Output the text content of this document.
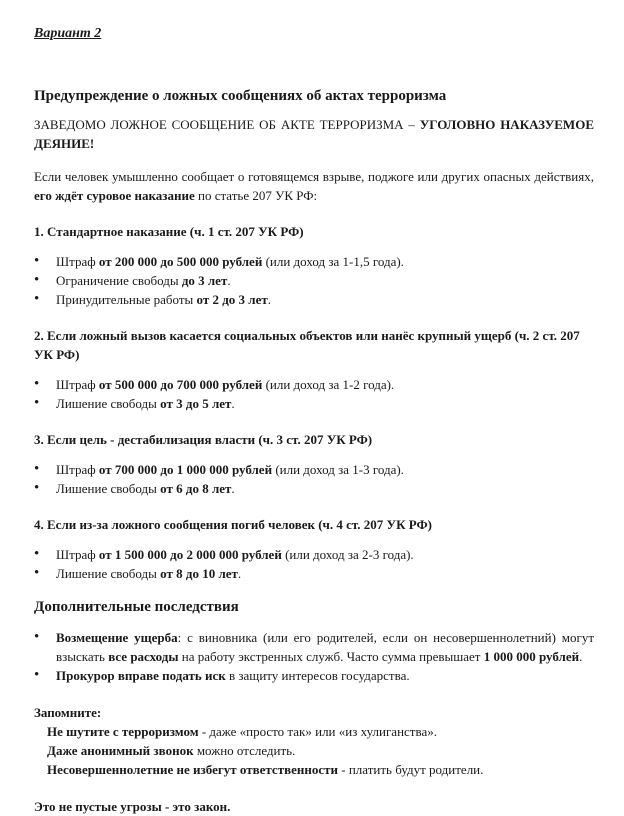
Вариант 2

Предупреждение о ложных сообщениях об актах терроризма

ЗАВЕДОМО ЛОЖНОЕ СООБЩЕНИЕ ОБ АКТЕ ТЕРРОРИЗМА – УГОЛОВНО НАКАЗУЕМОЕ ДЕЯНИЕ!

Если человек умышленно сообщает о готовящемся взрыве, поджоге или других опасных действиях, его ждёт суровое наказание по статье 207 УК РФ:

1. Стандартное наказание (ч. 1 ст. 207 УК РФ)

• Штраф от 200 000 до 500 000 рублей (или доход за 1-1,5 года).
• Ограничение свободы до 3 лет.
• Принудительные работы от 2 до 3 лет.

2. Если ложный вызов касается социальных объектов или нанёс крупный ущерб (ч. 2 ст. 207 УК РФ)

• Штраф от 500 000 до 700 000 рублей (или доход за 1-2 года).
• Лишение свободы от 3 до 5 лет.

3. Если цель - дестабилизация власти (ч. 3 ст. 207 УК РФ)

• Штраф от 700 000 до 1 000 000 рублей (или доход за 1-3 года).
• Лишение свободы от 6 до 8 лет.

4. Если из-за ложного сообщения погиб человек (ч. 4 ст. 207 УК РФ)

• Штраф от 1 500 000 до 2 000 000 рублей (или доход за 2-3 года).
• Лишение свободы от 8 до 10 лет.

Дополнительные последствия

• Возмещение ущерба: с виновника (или его родителей, если он несовершеннолетний) могут взыскать все расходы на работу экстренных служб. Часто сумма превышает 1 000 000 рублей.
• Прокурор вправе подать иск в защиту интересов государства.

Запомните:

Не шутите с терроризмом - даже «просто так» или «из хулиганства».

Даже анонимный звонок можно отследить.

Несовершеннолетние не избегут ответственности - платить будут родители.

Это не пустые угрозы - это закон.
